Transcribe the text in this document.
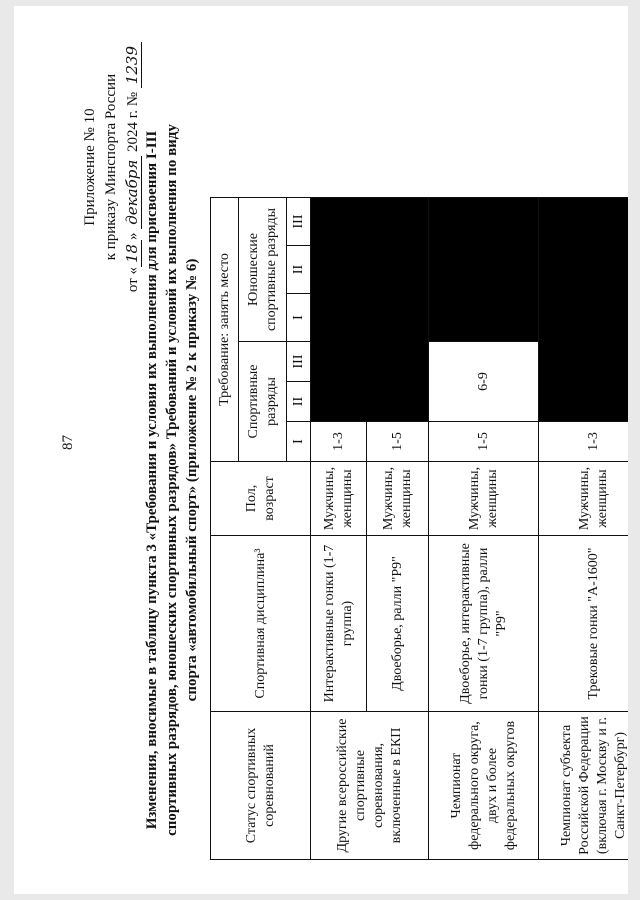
87
Приложение № 10 к приказу Минспорта России
от «18» декабря 2024 г. № 1239
Изменения, вносимые в таблицу пункта 3 «Требования и условия их выполнения для присвоения I-III спортивных разрядов, юношеских спортивных разрядов» Требований и условий их выполнения по виду спорта «автомобильный спорт» (приложение № 2 к приказу № 6)
Статус спортивных соревнований	Спортивная дисциплина³	Пол, возраст	Требование: занять место					
			Спортивные разряды			Юношеские спортивные разряды		
			I	II	III	I	II	III
Другие всероссийские спортивные соревнования, включенные в ЕКП	Интерактивные гонки (1-7 группа)	Мужчины, женщины	1-3					
	Двоеборье, ралли "Р9"	Мужчины, женщины	1-5					
Чемпионат федерального округа, двух и более федеральных округов	Двоеборье, интерактивные гонки (1-7 группа), ралли "Р9"	Мужчины, женщины	1-5	6-9				
Чемпионат субъекта Российской Федерации (включая г. Москву и г. Санкт-Петербург)	Трековые гонки "А-1600"	Мужчины, женщины	1-3					
